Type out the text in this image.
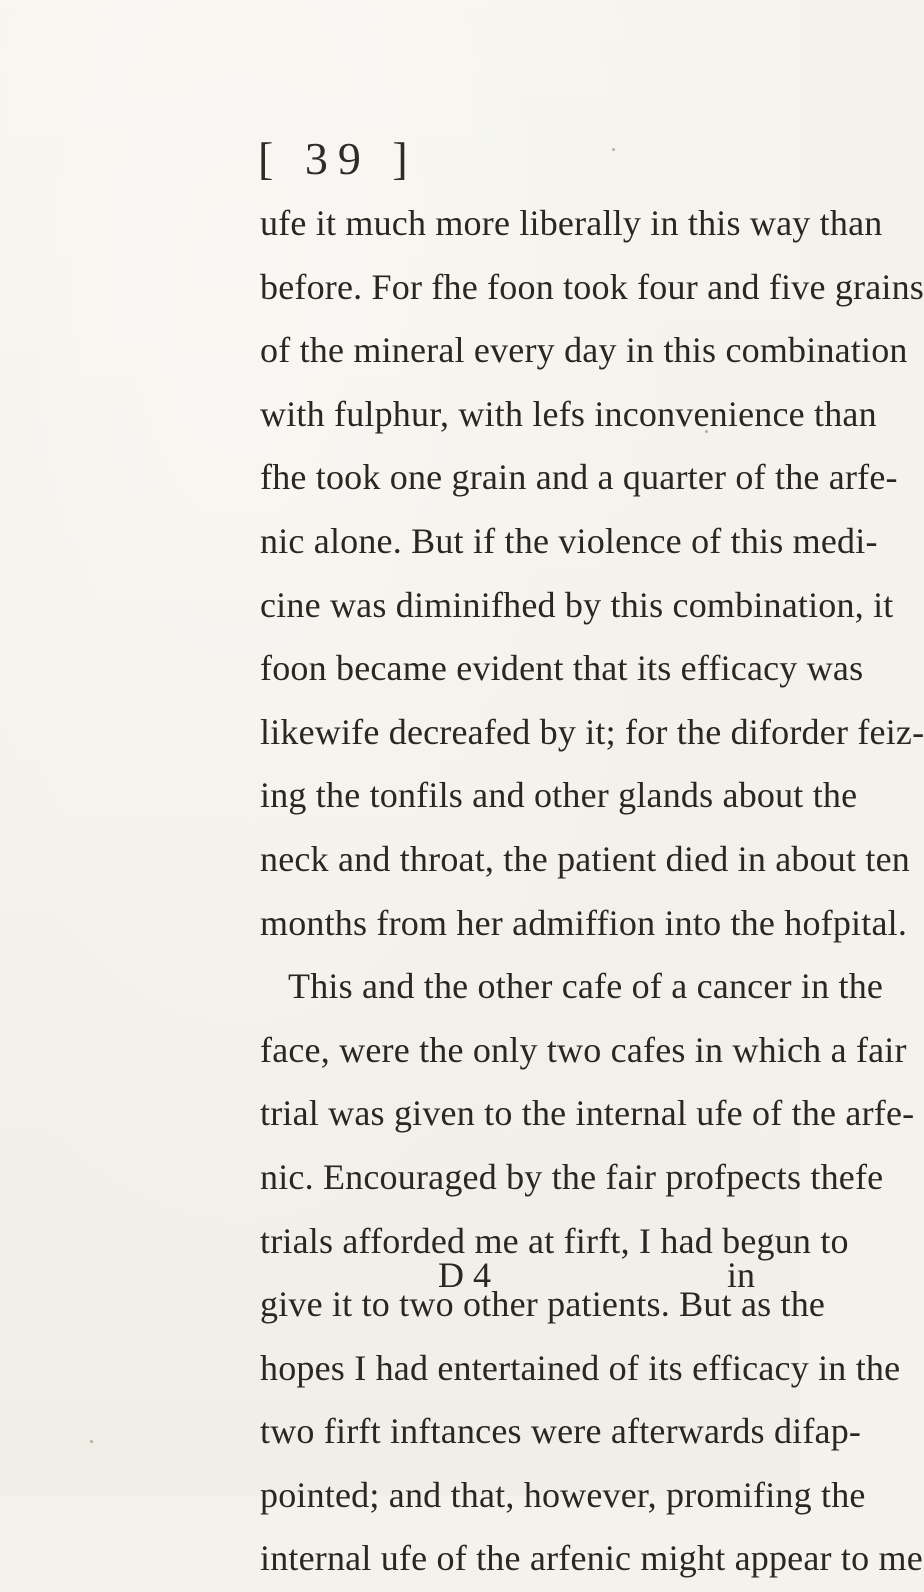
[ 39 ]
ufe it much more liberally in this way than
before. For fhe foon took four and five grains
of the mineral every day in this combination
with fulphur, with lefs inconvenience than
fhe took one grain and a quarter of the arfe-
nic alone. But if the violence of this medi-
cine was diminifhed by this combination, it
foon became evident that its efficacy was
likewife decreafed by it; for the diforder feiz-
ing the tonfils and other glands about the
neck and throat, the patient died in about ten
months from her admiffion into the hofpital.
This and the other cafe of a cancer in the
face, were the only two cafes in which a fair
trial was given to the internal ufe of the arfe-
nic. Encouraged by the fair profpects thefe
trials afforded me at firft, I had begun to
give it to two other patients. But as the
hopes I had entertained of its efficacy in the
two firft inftances were afterwards difap-
pointed; and that, however, promifing the
internal ufe of the arfenic might appear to me
D 4	in
